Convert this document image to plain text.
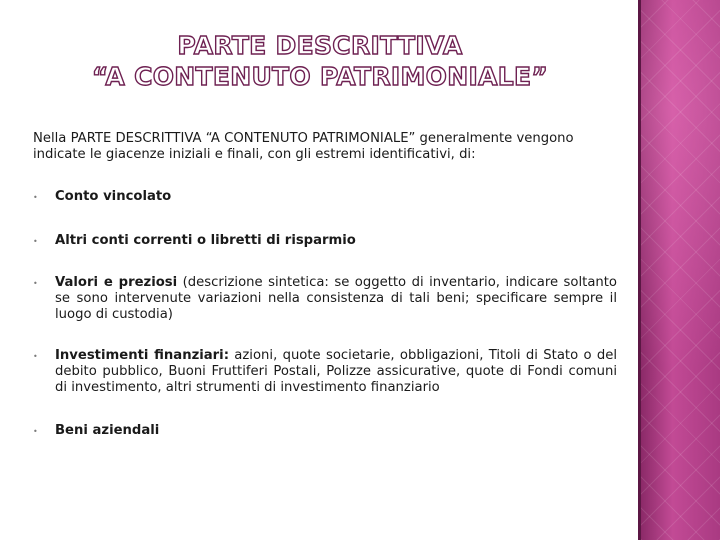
PARTE DESCRITTIVA
“A CONTENUTO PATRIMONIALE”
Nella PARTE DESCRITTIVA “A CONTENUTO PATRIMONIALE” generalmente vengono indicate le giacenze iniziali e finali, con gli estremi identificativi, di:
• Conto vincolato
• Altri conti correnti o libretti di risparmio
• Valori e preziosi (descrizione sintetica: se oggetto di inventario, indicare soltanto se sono intervenute variazioni nella consistenza di tali beni; specificare sempre il luogo di custodia)
• Investimenti finanziari: azioni, quote societarie, obbligazioni, Titoli di Stato o del debito pubblico, Buoni Fruttiferi Postali, Polizze assicurative, quote di Fondi comuni di investimento, altri strumenti di investimento finanziario
• Beni aziendali
